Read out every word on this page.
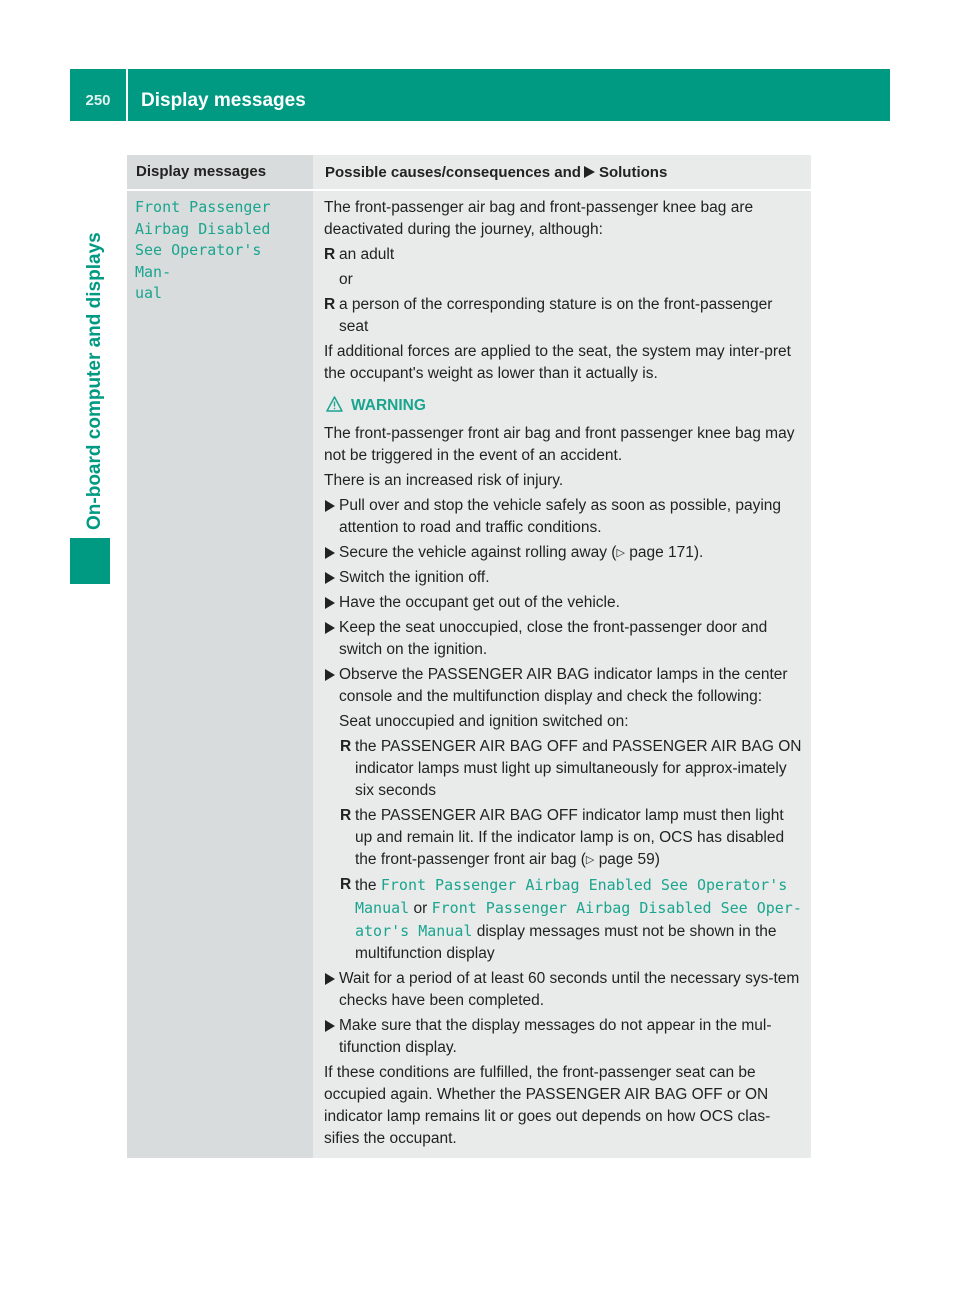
250	Display messages
On-board computer and displays
Display messages	Possible causes/consequences and Solutions
Front Passenger
Airbag Disabled
See Operator's Man‐
ual

The front-passenger air bag and front-passenger knee bag are deactivated during the journey, although:

R an adult
or
R a person of the corresponding stature is on the front-passenger seat

If additional forces are applied to the seat, the system may inter-pret the occupant's weight as lower than it actually is.

WARNING

The front-passenger front air bag and front passenger knee bag may not be triggered in the event of an accident.

There is an increased risk of injury.

Pull over and stop the vehicle safely as soon as possible, paying attention to road and traffic conditions.
Secure the vehicle against rolling away (▷ page 171).
Switch the ignition off.
Have the occupant get out of the vehicle.
Keep the seat unoccupied, close the front-passenger door and switch on the ignition.
Observe the PASSENGER AIR BAG indicator lamps in the center console and the multifunction display and check the following:
Seat unoccupied and ignition switched on:
R the PASSENGER AIR BAG OFF and PASSENGER AIR BAG ON indicator lamps must light up simultaneously for approx-imately six seconds
R the PASSENGER AIR BAG OFF indicator lamp must then light up and remain lit. If the indicator lamp is on, OCS has disabled the front-passenger front air bag (▷ page 59)
R the Front Passenger Airbag Enabled See Operator's Manual or Front Passenger Airbag Disabled See Oper‐ator's Manual display messages must not be shown in the multifunction display
Wait for a period of at least 60 seconds until the necessary sys-tem checks have been completed.
Make sure that the display messages do not appear in the mul-tifunction display.

If these conditions are fulfilled, the front-passenger seat can be occupied again. Whether the PASSENGER AIR BAG OFF or ON indicator lamp remains lit or goes out depends on how OCS clas-sifies the occupant.
